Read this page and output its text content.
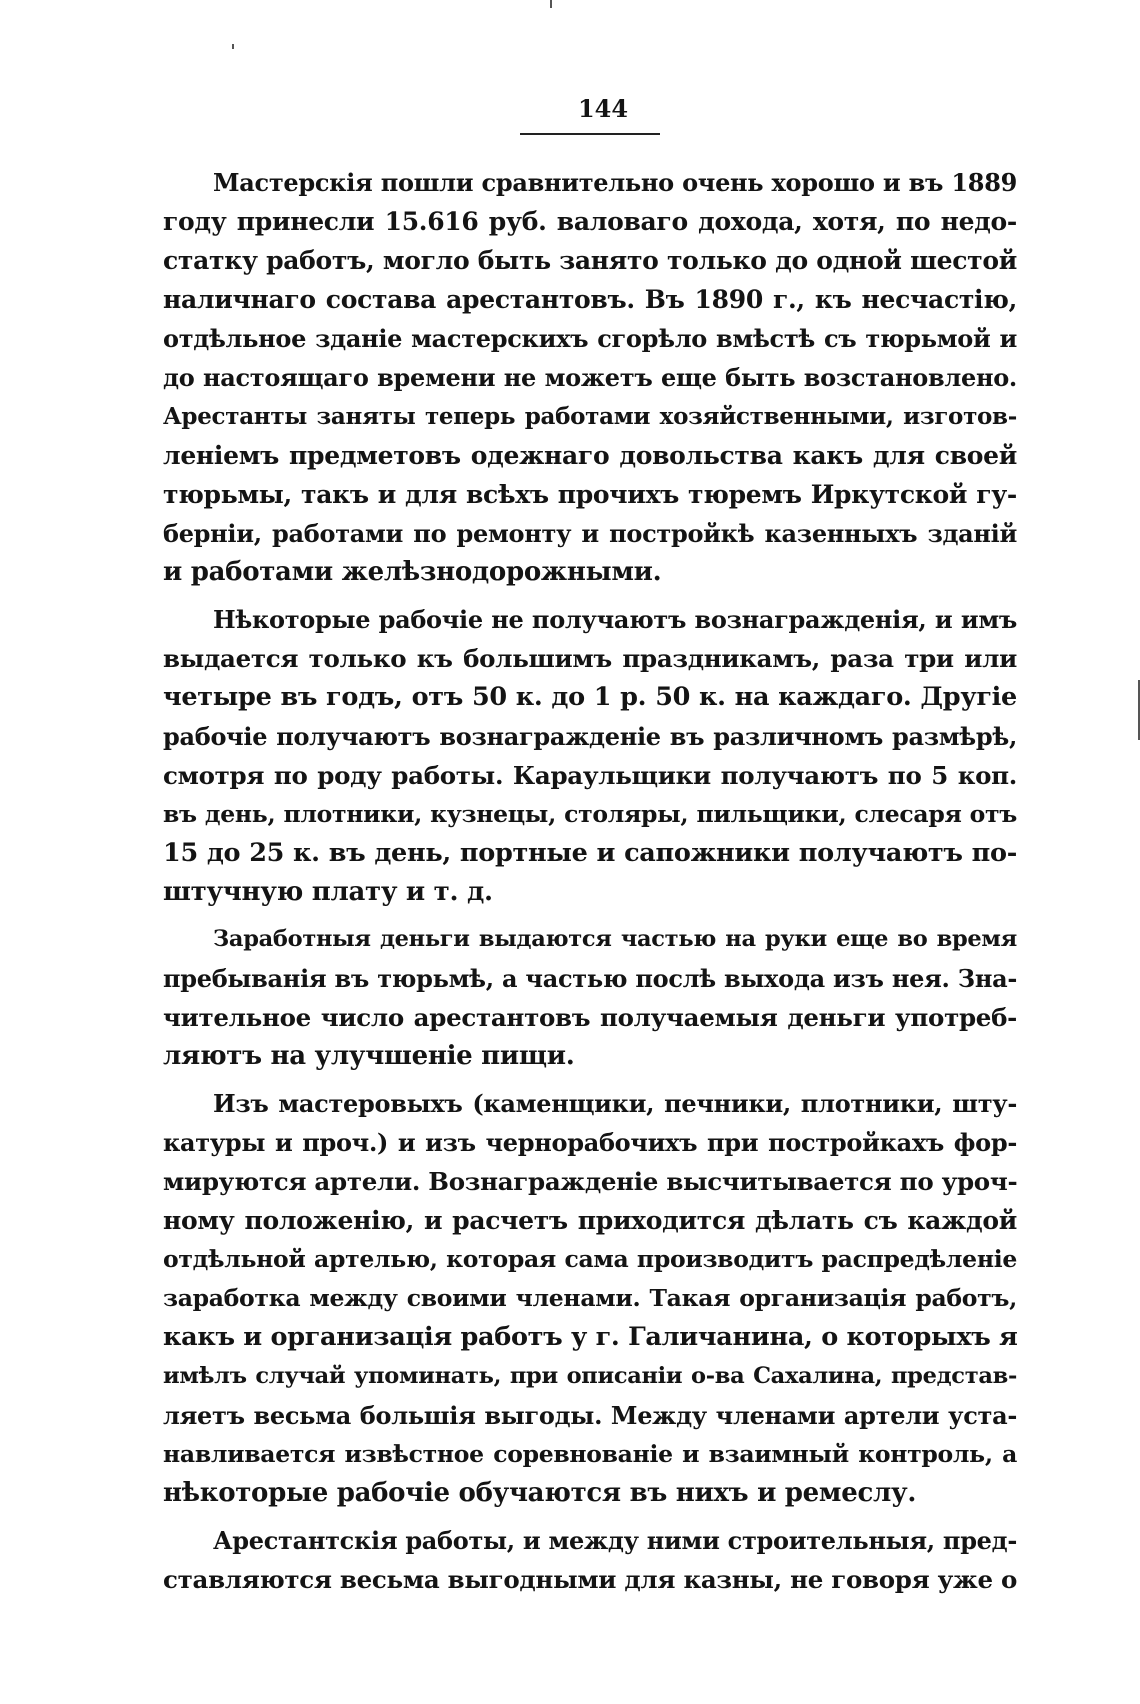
144
Мастерскія пошли сравнительно очень хорошо и въ 1889
году принесли 15.616 руб. валоваго дохода, хотя, по недо-
статку работъ, могло быть занято только до одной шестой
наличнаго состава арестантовъ. Въ 1890 г., къ несчастію,
отдѣльное зданіе мастерскихъ сгорѣло вмѣстѣ съ тюрьмой и
до настоящаго времени не можетъ еще быть возстановлено.
Арестанты заняты теперь работами хозяйственными, изготов-
леніемъ предметовъ одежнаго довольства какъ для своей
тюрьмы, такъ и для всѣхъ прочихъ тюремъ Иркутской гу-
берніи, работами по ремонту и постройкѣ казенныхъ зданій
и работами желѣзнодорожными.
Нѣкоторые рабочіе не получаютъ вознагражденія, и имъ
выдается только къ большимъ праздникамъ, раза три или
четыре въ годъ, отъ 50 к. до 1 р. 50 к. на каждаго. Другіе
рабочіе получаютъ вознагражденіе въ различномъ размѣрѣ,
смотря по роду работы. Караульщики получаютъ по 5 коп.
въ день, плотники, кузнецы, столяры, пильщики, слесаря отъ
15 до 25 к. въ день, портные и сапожники получаютъ по-
штучную плату и т. д.
Заработныя деньги выдаются частью на руки еще во время
пребыванія въ тюрьмѣ, а частью послѣ выхода изъ нея. Зна-
чительное число арестантовъ получаемыя деньги употреб-
ляютъ на улучшеніе пищи.
Изъ мастеровыхъ (каменщики, печники, плотники, шту-
катуры и проч.) и изъ чернорабочихъ при постройкахъ фор-
мируются артели. Вознагражденіе высчитывается по уроч-
ному положенію, и расчетъ приходится дѣлать съ каждой
отдѣльной артелью, которая сама производитъ распредѣленіе
заработка между своими членами. Такая организація работъ,
какъ и организація работъ у г. Галичанина, о которыхъ я
имѣлъ случай упоминать, при описаніи о-ва Сахалина, представ-
ляетъ весьма большія выгоды. Между членами артели уста-
навливается извѣстное соревнованіе и взаимный контроль, а
нѣкоторые рабочіе обучаются въ нихъ и ремеслу.
Арестантскія работы, и между ними строительныя, пред-
ставляются весьма выгодными для казны, не говоря уже о
